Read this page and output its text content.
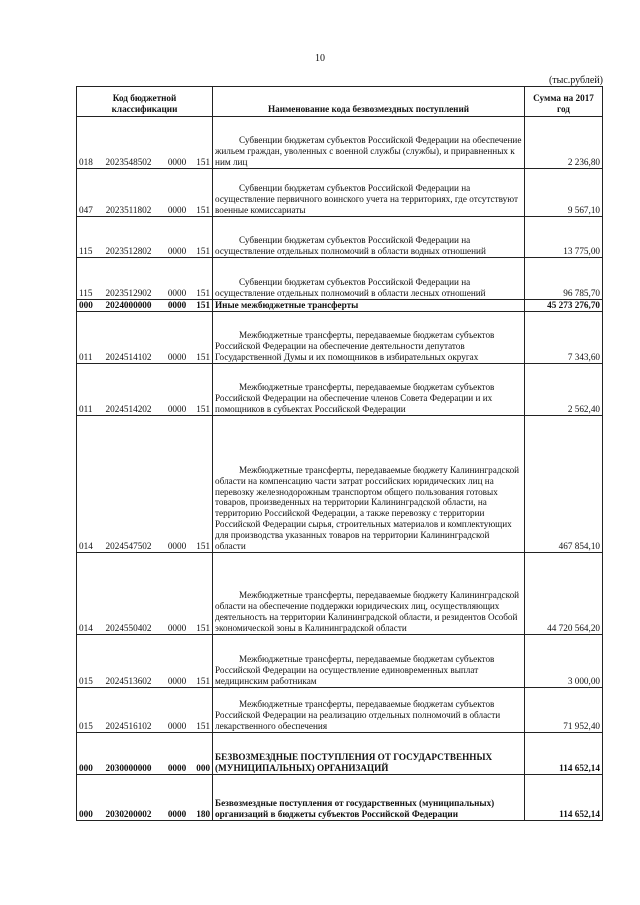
10
(тыс.рублей)
Код бюджетной классификации				Наименование кода безвозмездных поступлений	Сумма на 2017 год
018	2023548502	0000	151	Субвенции бюджетам субъектов Российской Федерации на обеспечение жильем граждан, уволенных с военной службы (службы), и приравненных к ним лиц	2 236,80
047	2023511802	0000	151	Субвенции бюджетам субъектов Российской Федерации на осуществление первичного воинского учета на территориях, где отсутствуют военные комиссариаты	9 567,10
115	2023512802	0000	151	Субвенции бюджетам субъектов Российской Федерации на осуществление отдельных полномочий в области водных отношений	13 775,00
115	2023512902	0000	151	Субвенции бюджетам субъектов Российской Федерации на осуществление отдельных полномочий в области лесных отношений	96 785,70
000	2024000000	0000	151	Иные межбюджетные трансферты	45 273 276,70
011	2024514102	0000	151	Межбюджетные трансферты, передаваемые бюджетам субъектов Российской Федерации на обеспечение деятельности депутатов Государственной Думы и их помощников в избирательных округах	7 343,60
011	2024514202	0000	151	Межбюджетные трансферты, передаваемые бюджетам субъектов Российской Федерации на обеспечение членов Совета Федерации и их помощников в субъектах Российской Федерации	2 562,40
014	2024547502	0000	151	Межбюджетные трансферты, передаваемые бюджету Калининградской области на компенсацию части затрат российских юридических лиц на перевозку железнодорожным транспортом общего пользования готовых товаров, произведенных на территории Калининградской области, на территорию Российской Федерации, а также перевозку с территории Российской Федерации сырья, строительных материалов и комплектующих для производства указанных товаров на территории Калининградской области	467 854,10
014	2024550402	0000	151	Межбюджетные трансферты, передаваемые бюджету Калининградской области на обеспечение поддержки юридических лиц, осуществляющих деятельность на территории Калининградской области, и резидентов Особой экономической зоны в Калининградской области	44 720 564,20
015	2024513602	0000	151	Межбюджетные трансферты, передаваемые бюджетам субъектов Российской Федерации на осуществление единовременных выплат медицинским работникам	3 000,00
015	2024516102	0000	151	Межбюджетные трансферты, передаваемые бюджетам субъектов Российской Федерации на реализацию отдельных полномочий в области лекарственного обеспечения	71 952,40
000	2030000000	0000	000	БЕЗВОЗМЕЗДНЫЕ ПОСТУПЛЕНИЯ ОТ ГОСУДАРСТВЕННЫХ (МУНИЦИПАЛЬНЫХ) ОРГАНИЗАЦИЙ	114 652,14
000	2030200002	0000	180	Безвозмездные поступления от государственных (муниципальных) организаций в бюджеты субъектов Российской Федерации	114 652,14
